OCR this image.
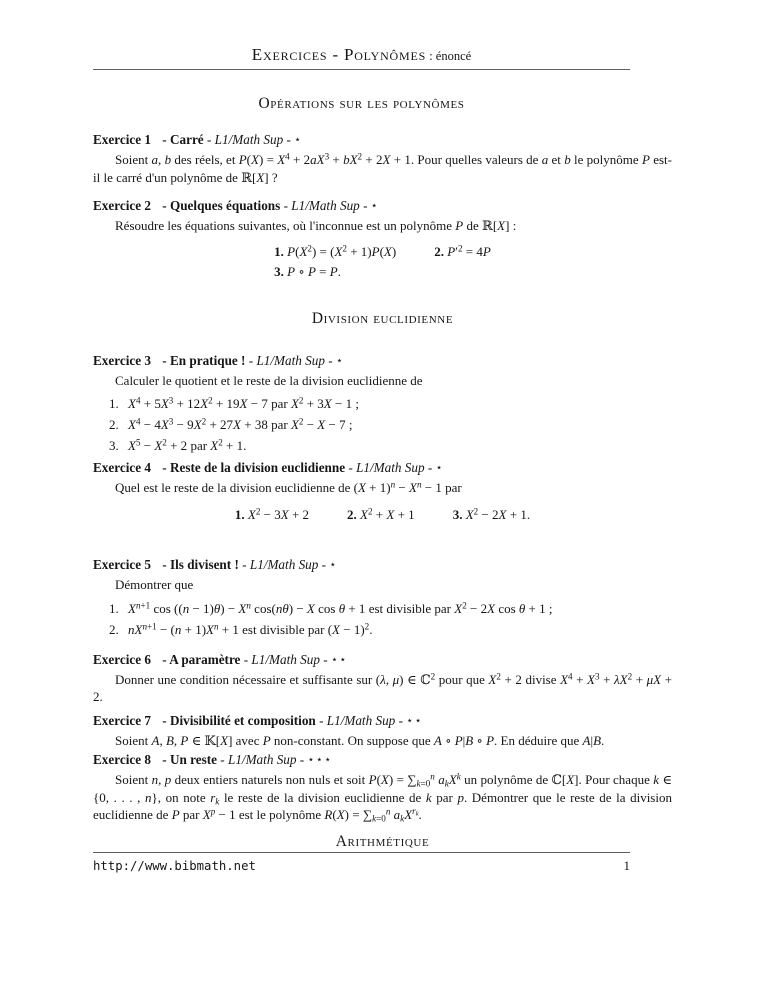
Exercices - Polynômes : énoncé
Opérations sur les polynômes
Exercice 1 - Carré - L1/Math Sup - ⋆
Soient a, b des réels, et $P(X) = X^4 + 2aX^3 + bX^2 + 2X + 1$. Pour quelles valeurs de a et b le polynôme P est-il le carré d'un polynôme de ℝ[X] ?
Exercice 2 - Quelques équations - L1/Math Sup - ⋆
Résoudre les équations suivantes, où l'inconnue est un polynôme P de ℝ[X] :
1. $P(X^2) = (X^2 + 1)P(X)$	2. $P'^2 = 4P$
3. P ∘ P = P.
Division euclidienne
Exercice 3 - En pratique ! - L1/Math Sup - ⋆
Calculer le quotient et le reste de la division euclidienne de
1. $X^4 + 5X^3 + 12X^2 + 19X - 7$ par $X^2 + 3X - 1$ ;
2. $X^4 - 4X^3 - 9X^2 + 27X + 38$ par $X^2 - X - 7$ ;
3. $X^5 - X^2 + 2$ par $X^2 + 1$.
Exercice 4 - Reste de la division euclidienne - L1/Math Sup - ⋆
Quel est le reste de la division euclidienne de $(X + 1)^n - X^n - 1$ par
1. $X^2 - 3X + 2$	2. $X^2 + X + 1$	3. $X^2 - 2X + 1$.
Exercice 5 - Ils divisent ! - L1/Math Sup - ⋆
Démontrer que
1. $X^{n+1}$ $\cos ((n - 1)\theta) - X^n$ cos(nθ) − X cos θ + 1 est divisible par $X^2 - 2X$ cos θ + 1 ;
2. $nX^{n+1} - (n + 1)X^n + 1$ est divisible par $(X - 1)^2$.
Exercice 6 - A paramètre - L1/Math Sup - ⋆⋆
Donner une condition nécessaire et suffisante sur (λ, μ) ∈ ℂ$^2$ pour que $X^2 + 2$ divise $X^4 + X^3 + \lambda X^2 + \mu X + 2$.
Exercice 7 - Divisibilité et composition - L1/Math Sup - ⋆⋆
Soient A, B, P ∈ 𝕂[X] avec P non-constant. On suppose que A ∘ P|B ∘ P. En déduire que A|B.
Exercice 8 - Un reste - L1/Math Sup - ⋆⋆⋆
Soient n, p deux entiers naturels non nuls et soit $P(X) = \sum_{k=0}^n$ $a_kX^k$ un polynôme de ℂ[X]. Pour chaque k ∈ {0, . . . , n}, on note $r_k$ le reste de la division euclidienne de k par p. Démontrer que le reste de la division euclidienne de P par $X^p - 1$ est le polynôme $R(X) = \sum_{k=0}^n$ $a_kX^{r_k}$.
Arithmétique
http://www.bibmath.net	1
